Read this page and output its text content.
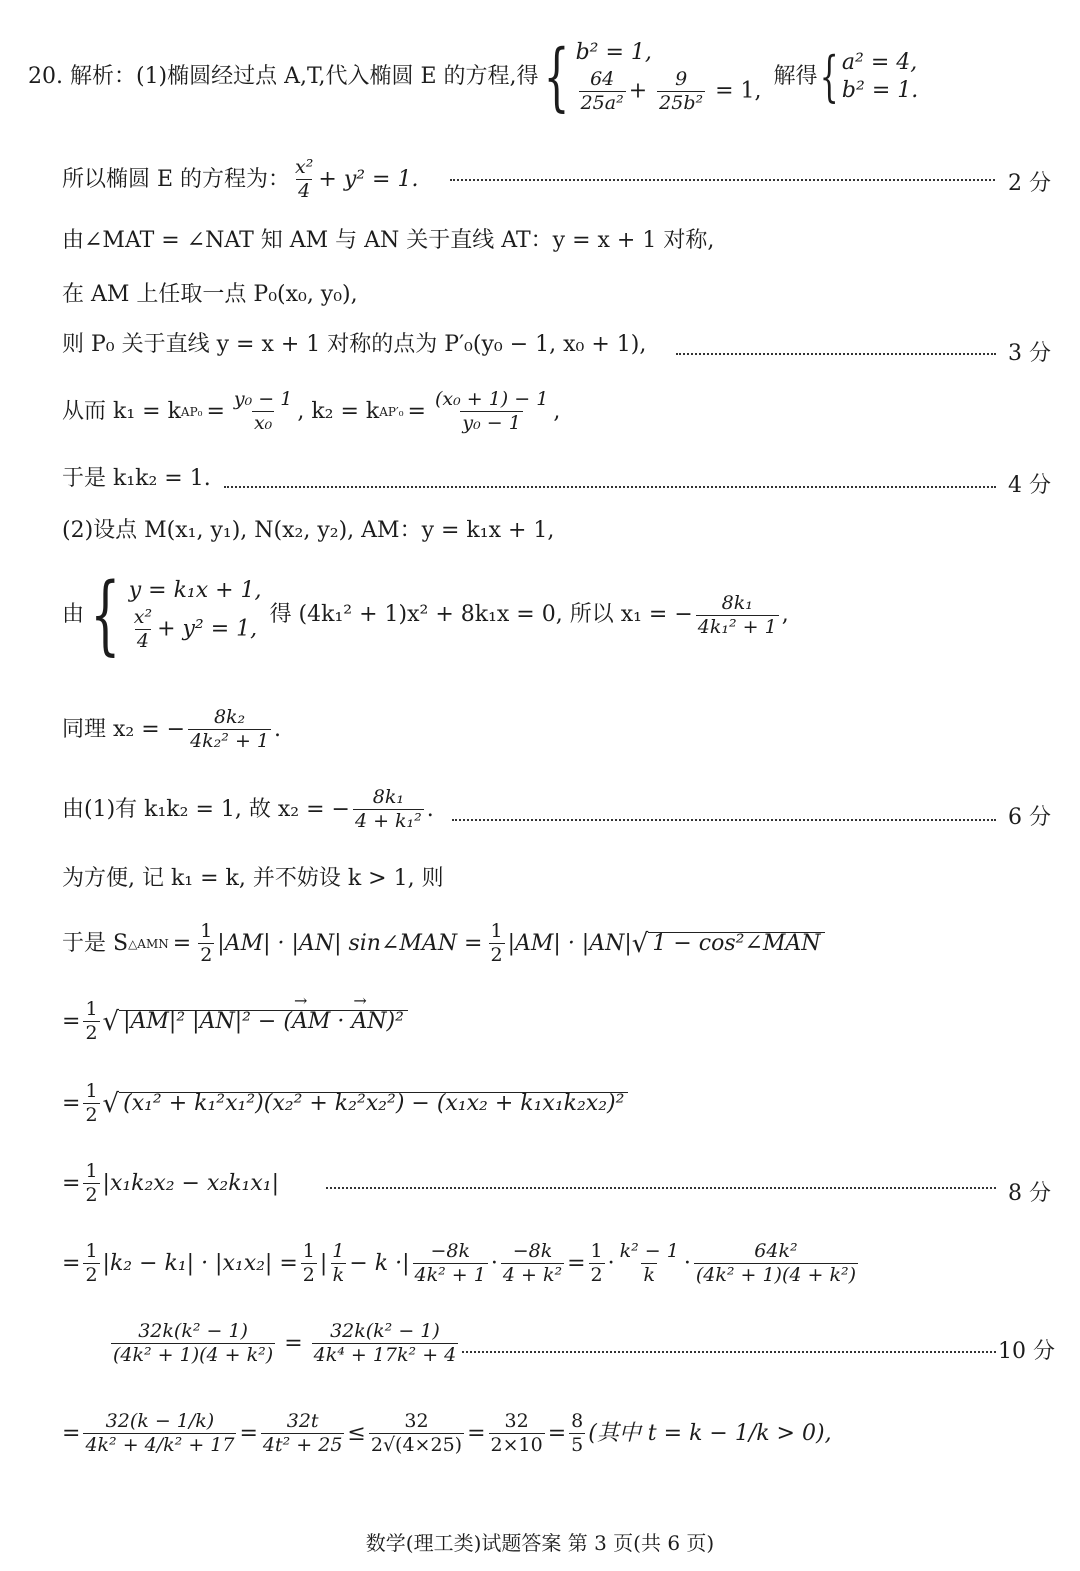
20. 解析：(1)椭圆经过点 A,T,代入椭圆 E 的方程,得 { b² = 1,
$\frac{64}{\text{25a²}} + \frac{9}{\text{25b²}} = 1$,
解得 { a² = 4,
b² = 1.
所以椭圆 E 的方程为： $\frac{\text{x²}}{4} + y^2 = 1$.	2 分
由∠MAT = ∠NAT 知 AM 与 AN 关于直线 AT：y = x + 1 对称,
在 AM 上任取一点 P₀(x₀, y₀),
则 P₀ 关于直线 y = x + 1 对称的点为 P′₀(y₀ − 1, x₀ + 1),	3 分
从而 k₁ = k $AP_0 = \frac{\text{y₀ − 1}}{\text{x₀}}$ , k₂ = k $AP'_0 = \frac{\text{(x₀ + 1) − 1}}{\text{y₀ − 1}}$ ,
于是 k₁k₂ = 1.	4 分
(2)设点 M(x₁, y₁), N(x₂, y₂), AM：y = k₁x + 1,
由 { y = k₁x + 1,
$\frac{\text{x²}}{4} + y^2 = 1$,
得 (4k₁² + 1)x² + 8k₁x = 0, 所以 x₁ = − $\frac{\text{8k₁}}{\text{4k₁² + 1}}$ ,
同理 x₂ = − $\frac{\text{8k₂}}{\text{4k₂² + 1}}$ .
由(1)有 k₁k₂ = 1, 故 x₂ = − $\frac{\text{8k₁}}{\text{4 + k₁²}}$ .	6 分
为方便, 记 k₁ = k, 并不妨设 k > 1, 则
于是 S △AMN = $\frac{1}{2} |AM| \cdot |AN|$ sin∠MAN = $\frac{1}{2} |AM| \cdot |AN|$ √ 1 − cos²∠MAN
= $\frac{1}{2}$ √ |AM|² |AN|² − (→ AM · → AN)²
= $\frac{1}{2}$ √ (x₁² + k₁²x₁²)(x₂² + k₂²x₂²) − (x₁x₂ + k₁x₁k₂x₂)²
= $\frac{1}{2} |x_1k_2x_2 - x_2k_1x_1|$	8 分
= $\frac{1}{2} |k_2 - k_1| \cdot |x_1x_2| = \frac{1}{2}$ | $\frac{1}{k} - k$ · | $\frac{-8k}{\text{4k² + 1}} \cdot \frac{-8k}{\text{4 + k²}} = \frac{1}{2} \cdot \frac{\text{k² − 1}}{k} \cdot \frac{\text{64k²}}{\text{(4k² + 1)(4 + k²)}}$
$\frac{\text{32k(k² − 1)}}{\text{(4k² + 1)(4 + k²)}} = \frac{\text{32k(k² − 1)}}{\text{4k⁴ + 17k² + 4}}$	10 分
= $\frac{32(k - 1/k)}{\text{4k² + 4/k² + 17}} = \frac{32t}{\text{4t² + 25}} \le \frac{32}{2√(4\times 25)} = \frac{32}{2\times 10} = \frac{8}{5}$ (其中 t = k − 1/k > 0),
数学(理工类)试题答案 第 3 页(共 6 页)
